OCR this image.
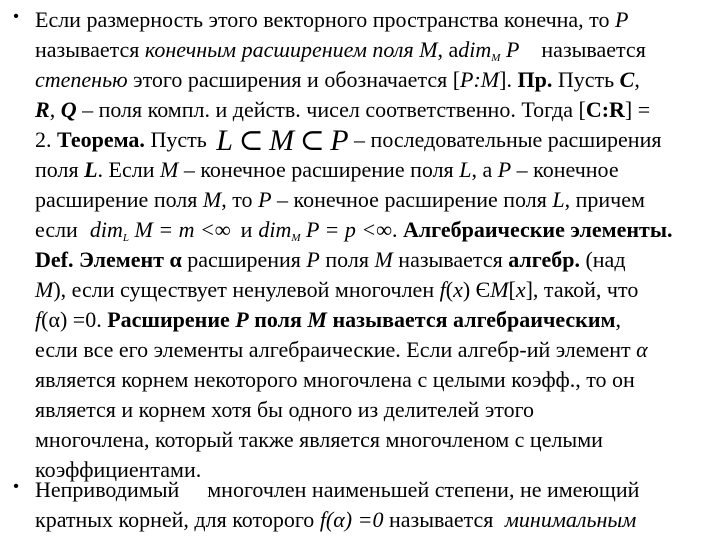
• Если размерность этого векторного пространства конечна, то P
называется конечным расширением поля M, adim$_M$ P называется
степенью этого расширения и обозначается [P:M]. Пр. Пусть C,
R, Q – поля компл. и действ. чисел соответственно. Тогда [C:R] =
2. Теорема. Пусть L ⊂ M ⊂ P – последовательные расширения
поля L. Если M – конечное расширение поля L, а P – конечное
расширение поля M, то P – конечное расширение поля L, причем
если dim$_L$ M = m <∞ и dim$_M$ P = p <∞. Алгебраические элементы.
Def. Элемент α расширения P поля M называется алгебр. (над
M), если существует ненулевой многочлен f(x) ЄM[x], такой, что
f(α) =0. Расширение P поля M называется алгебраическим,
если все его элементы алгебраические. Если алгебр-ий элемент α
является корнем некоторого многочлена с целыми коэфф., то он
является и корнем хотя бы одного из делителей этого
многочлена, который также является многочленом с целыми
коэффициентами.
• Неприводимый многочлен наименьшей степени, не имеющий
кратных корней, для которого f(α) =0 называется минимальным
